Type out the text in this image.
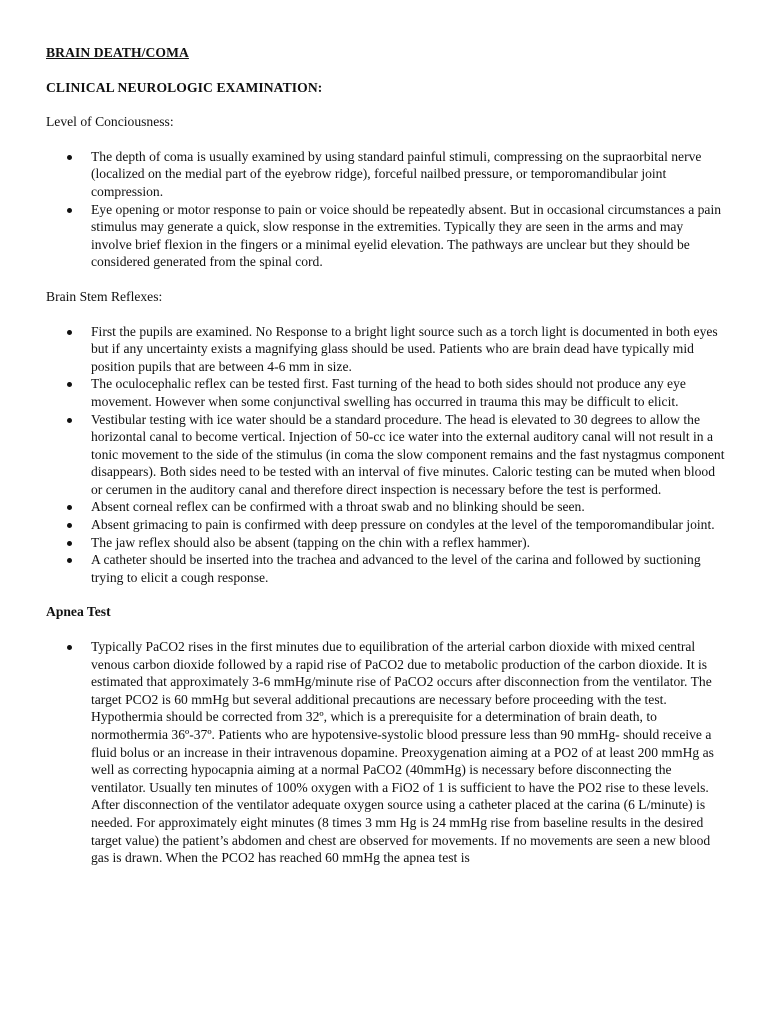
BRAIN DEATH/COMA
CLINICAL NEUROLOGIC EXAMINATION:
Level of Conciousness:
The depth of coma is usually examined by using standard painful stimuli, compressing on the supraorbital nerve (localized on the medial part of the eyebrow ridge), forceful nailbed pressure, or temporomandibular joint compression.
Eye opening or motor response to pain or voice should be repeatedly absent. But in occasional circumstances a pain stimulus may generate a quick, slow response in the extremities. Typically they are seen in the arms and may involve brief flexion in the fingers or a minimal eyelid elevation. The pathways are unclear but they should be considered generated from the spinal cord.
Brain Stem Reflexes:
First the pupils are examined. No Response to a bright light source such as a torch light is documented in both eyes but if any uncertainty exists a magnifying glass should be used. Patients who are brain dead have typically mid position pupils that are between 4-6 mm in size.
The oculocephalic reflex can be tested first. Fast turning of the head to both sides should not produce any eye movement. However when some conjunctival swelling has occurred in trauma this may be difficult to elicit.
Vestibular testing with ice water should be a standard procedure. The head is elevated to 30 degrees to allow the horizontal canal to become vertical. Injection of 50-cc ice water into the external auditory canal will not result in a tonic movement to the side of the stimulus (in coma the slow component remains and the fast nystagmus component disappears). Both sides need to be tested with an interval of five minutes. Caloric testing can be muted when blood or cerumen in the auditory canal and therefore direct inspection is necessary before the test is performed.
Absent corneal reflex can be confirmed with a throat swab and no blinking should be seen.
Absent grimacing to pain is confirmed with deep pressure on condyles at the level of the temporomandibular joint.
The jaw reflex should also be absent (tapping on the chin with a reflex hammer).
A catheter should be inserted into the trachea and advanced to the level of the carina and followed by suctioning trying to elicit a cough response.
Apnea Test
Typically PaCO2 rises in the first minutes due to equilibration of the arterial carbon dioxide with mixed central venous carbon dioxide followed by a rapid rise of PaCO2 due to metabolic production of the carbon dioxide. It is estimated that approximately 3-6 mmHg/minute rise of PaCO2 occurs after disconnection from the ventilator. The target PCO2 is 60 mmHg but several additional precautions are necessary before proceeding with the test. Hypothermia should be corrected from 32º, which is a prerequisite for a determination of brain death, to normothermia 36º-37º. Patients who are hypotensive-systolic blood pressure less than 90 mmHg- should receive a fluid bolus or an increase in their intravenous dopamine. Preoxygenation aiming at a PO2 of at least 200 mmHg as well as correcting hypocapnia aiming at a normal PaCO2 (40mmHg) is necessary before disconnecting the ventilator. Usually ten minutes of 100% oxygen with a FiO2 of 1 is sufficient to have the PO2 rise to these levels. After disconnection of the ventilator adequate oxygen source using a catheter placed at the carina (6 L/minute) is needed. For approximately eight minutes (8 times 3 mm Hg is 24 mmHg rise from baseline results in the desired target value) the patient’s abdomen and chest are observed for movements. If no movements are seen a new blood gas is drawn. When the PCO2 has reached 60 mmHg the apnea test is
